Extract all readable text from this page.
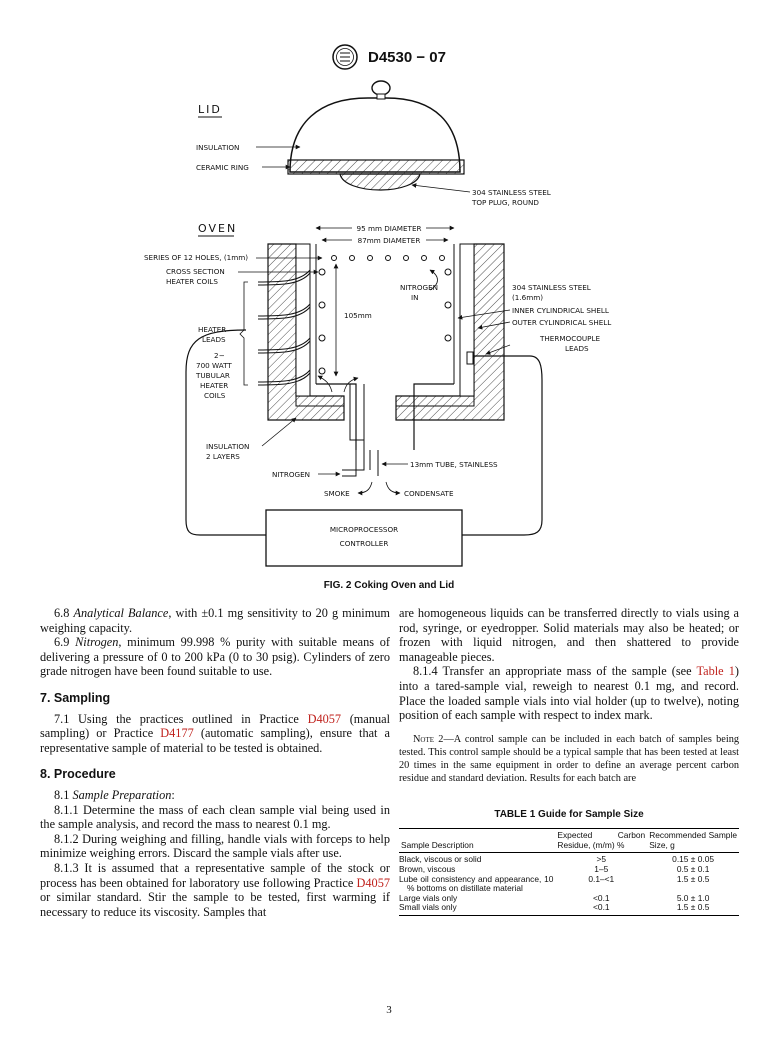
D4530 − 07
LID
INSULATION
CERAMIC RING
304 STAINLESS STEEL
TOP PLUG, ROUND
OVEN
MICROPROCESSOR
CONTROLLER
95 mm DIAMETER
87mm DIAMETER
105mm
SERIES OF 12 HOLES, (1mm)
CROSS SECTION
HEATER COILS
NITROGEN
IN
304 STAINLESS STEEL
(1.6mm)
INNER CYLINDRICAL SHELL
OUTER CYLINDRICAL SHELL
THERMOCOUPLE
LEADS
HEATER
LEADS
2−
700 WATT
TUBULAR
HEATER
COILS
INSULATION
2 LAYERS
NITROGEN
13mm TUBE, STAINLESS
SMOKE	CONDENSATE
FIG. 2 Coking Oven and Lid

6.8 Analytical Balance, with ±0.1 mg sensitivity to 20 g minimum weighing capacity.

6.9 Nitrogen, minimum 99.998 % purity with suitable means of delivering a pressure of 0 to 200 kPa (0 to 30 psig). Cylinders of zero grade nitrogen have been found suitable to use.

7. Sampling

7.1 Using the practices outlined in Practice D4057 (manual sampling) or Practice D4177 (automatic sampling), ensure that a representative sample of material to be tested is obtained.

8. Procedure

8.1 Sample Preparation:

8.1.1 Determine the mass of each clean sample vial being used in the sample analysis, and record the mass to nearest 0.1 mg.

8.1.2 During weighing and filling, handle vials with forceps to help minimize weighing errors. Discard the sample vials after use.

8.1.3 It is assumed that a representative sample of the stock or process has been obtained for laboratory use following Practice D4057 or similar standard. Stir the sample to be tested, first warming if necessary to reduce its viscosity. Samples that

are homogeneous liquids can be transferred directly to vials using a rod, syringe, or eyedropper. Solid materials may also be heated; or frozen with liquid nitrogen, and then shattered to provide manageable pieces.

8.1.4 Transfer an appropriate mass of the sample (see Table 1) into a tared-sample vial, reweigh to nearest 0.1 mg, and record. Place the loaded sample vials into vial holder (up to twelve), noting position of each sample with respect to index mark.

Note 2—A control sample can be included in each batch of samples being tested. This control sample should be a typical sample that has been tested at least 20 times in the same equipment in order to define an average percent carbon residue and standard deviation. Results for each batch are

TABLE 1 Guide for Sample Size
Sample Description	Expected Carbon Residue, (m/m) %	Recommended Sample Size, g
Black, viscous or solid	>5	0.15 ± 0.05
Brown, viscous	1–5	0.5 ± 0.1
Lube oil consistency and appearance, 10 % bottoms on distillate material	0.1–<1	1.5 ± 0.5
Large vials only	<0.1	5.0 ± 1.0
Small vials only	<0.1	1.5 ± 0.5
3
